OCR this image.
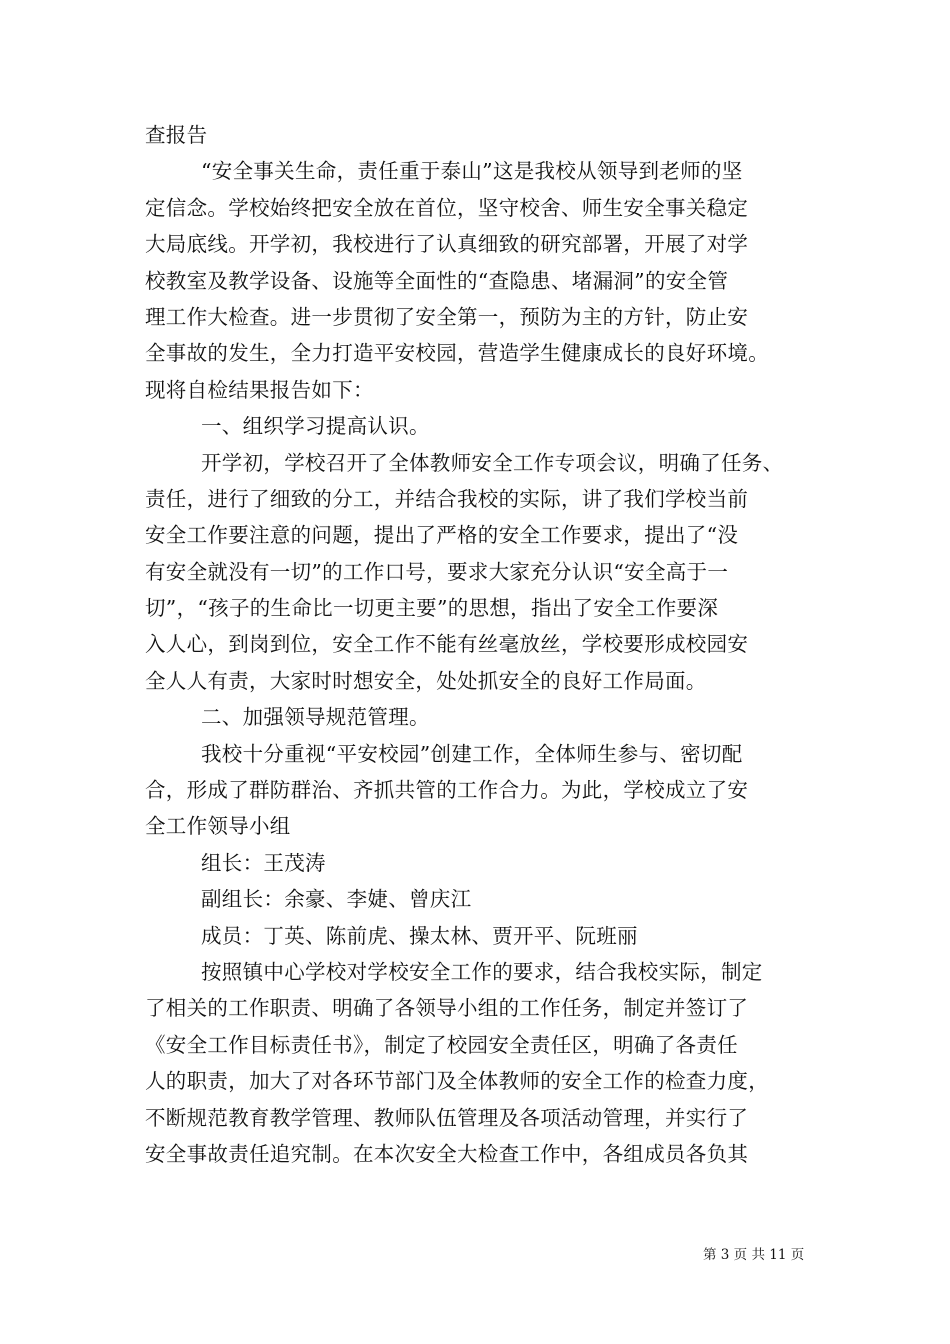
查报告
“安全事关生命，责任重于泰山”这是我校从领导到老师的坚
定信念。学校始终把安全放在首位，坚守校舍、师生安全事关稳定
大局底线。开学初，我校进行了认真细致的研究部署，开展了对学
校教室及教学设备、设施等全面性的“查隐患、堵漏洞”的安全管
理工作大检查。进一步贯彻了安全第一，预防为主的方针，防止安
全事故的发生，全力打造平安校园，营造学生健康成长的良好环境。
现将自检结果报告如下：
一、组织学习提高认识。
开学初，学校召开了全体教师安全工作专项会议，明确了任务、
责任，进行了细致的分工，并结合我校的实际，讲了我们学校当前
安全工作要注意的问题，提出了严格的安全工作要求，提出了“没
有安全就没有一切”的工作口号，要求大家充分认识“安全高于一
切”，“孩子的生命比一切更主要”的思想，指出了安全工作要深
入人心，到岗到位，安全工作不能有丝毫放丝，学校要形成校园安
全人人有责，大家时时想安全，处处抓安全的良好工作局面。
二、加强领导规范管理。
我校十分重视“平安校园”创建工作，全体师生参与、密切配
合，形成了群防群治、齐抓共管的工作合力。为此，学校成立了安
全工作领导小组
组长：王茂涛
副组长：余豪、李婕、曾庆江
成员：丁英、陈前虎、操太林、贾开平、阮班丽
按照镇中心学校对学校安全工作的要求，结合我校实际，制定
了相关的工作职责、明确了各领导小组的工作任务，制定并签订了
《安全工作目标责任书》，制定了校园安全责任区，明确了各责任
人的职责，加大了对各环节部门及全体教师的安全工作的检查力度，
不断规范教育教学管理、教师队伍管理及各项活动管理，并实行了
安全事故责任追究制。在本次安全大检查工作中，各组成员各负其
第 3 页 共 11 页
